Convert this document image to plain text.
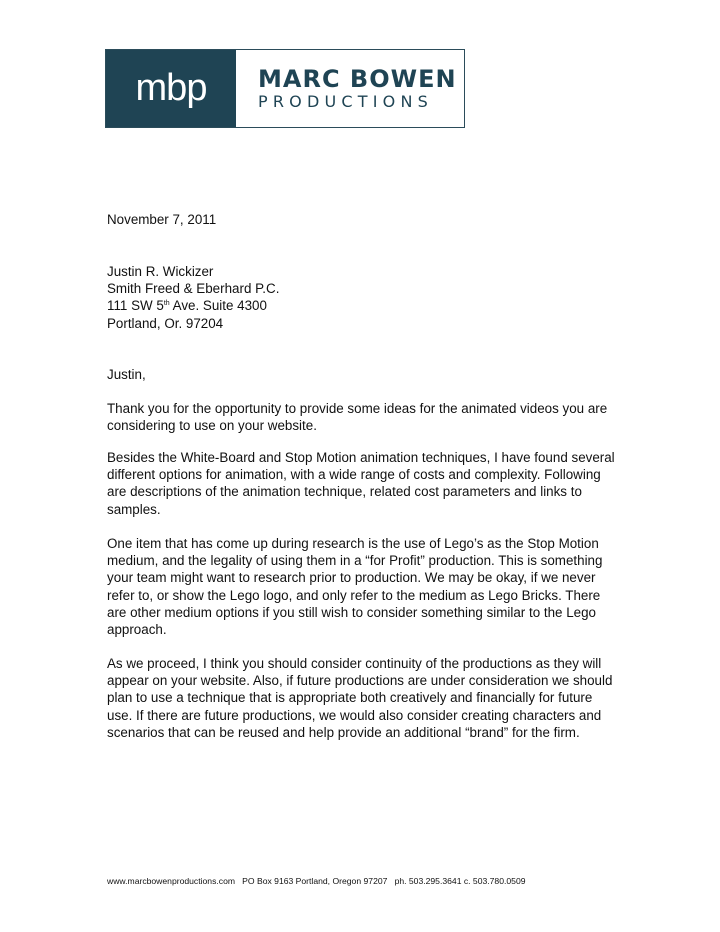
mbp	MARC BOWEN
PRODUCTIONS
November 7, 2011
Justin R. Wickizer
Smith Freed & Eberhard P.C.
111 SW 5th Ave. Suite 4300
Portland, Or. 97204
Justin,
Thank you for the opportunity to provide some ideas for the animated videos you are considering to use on your website.
Besides the White-Board and Stop Motion animation techniques, I have found several different options for animation, with a wide range of costs and complexity. Following are descriptions of the animation technique, related cost parameters and links to samples.
One item that has come up during research is the use of Lego’s as the Stop Motion medium, and the legality of using them in a “for Profit” production. This is something your team might want to research prior to production. We may be okay, if we never refer to, or show the Lego logo, and only refer to the medium as Lego Bricks. There are other medium options if you still wish to consider something similar to the Lego approach.
As we proceed, I think you should consider continuity of the productions as they will appear on your website. Also, if future productions are under consideration we should plan to use a technique that is appropriate both creatively and financially for future use. If there are future productions, we would also consider creating characters and scenarios that can be reused and help provide an additional “brand” for the firm.
www.marcbowenproductions.com   PO Box 9163 Portland, Oregon 97207   ph. 503.295.3641 c. 503.780.0509
